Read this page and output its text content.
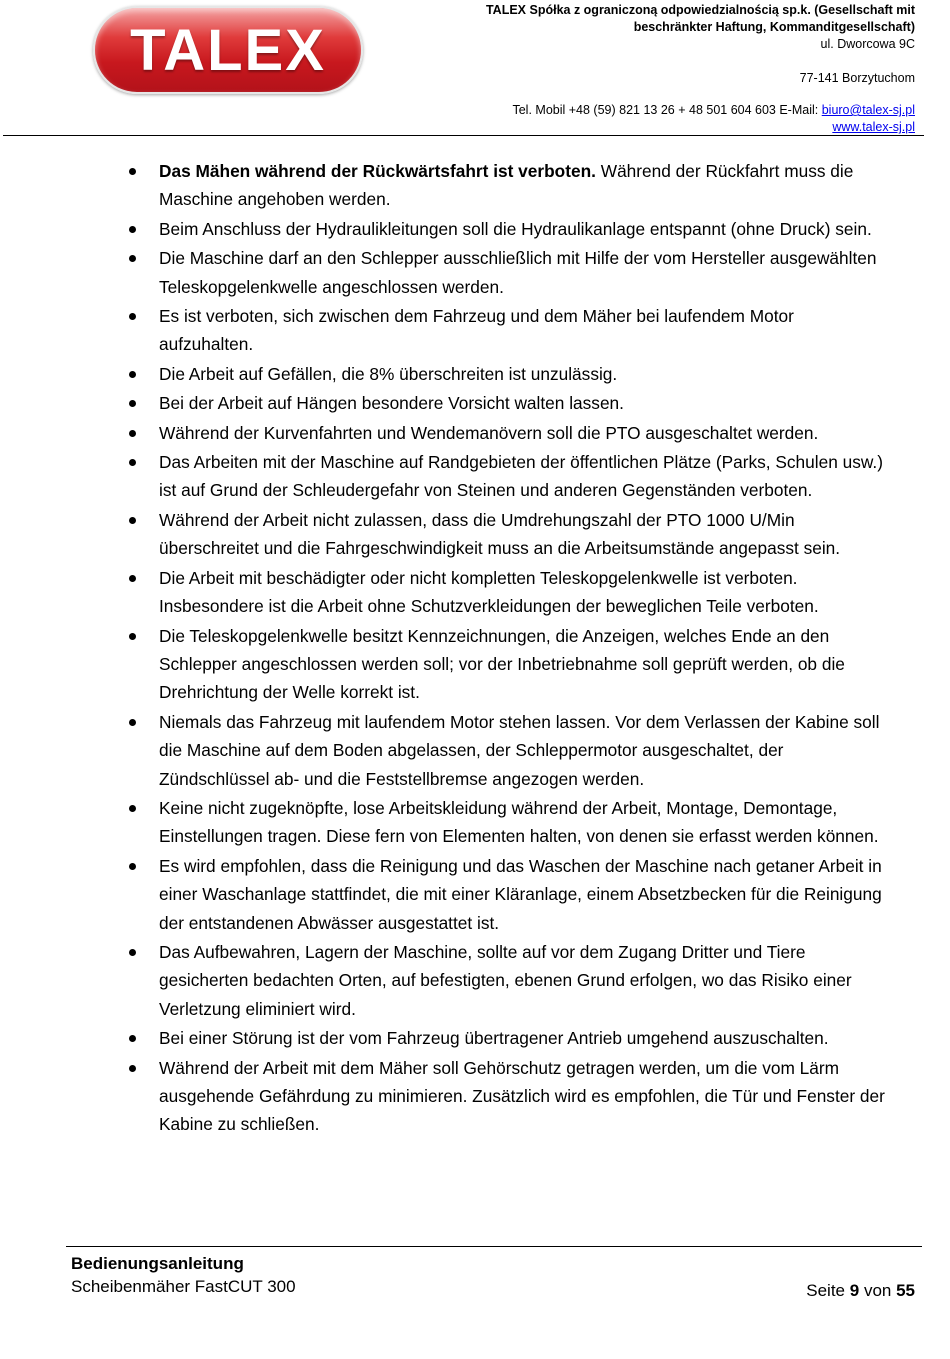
TALEX
TALEX Spółka z ograniczoną odpowiedzialnością sp.k. (Gesellschaft mit
beschränkter Haftung, Kommanditgesellschaft)
ul. Dworcowa 9C
77-141 Borzytuchom
Tel. Mobil +48 (59) 821 13 26 + 48 501 604 603 E-Mail: biuro@talex-sj.pl
www.talex-sj.pl
Das Mähen während der Rückwärtsfahrt ist verboten. Während der Rückfahrt muss die Maschine angehoben werden.
Beim Anschluss der Hydraulikleitungen soll die Hydraulikanlage entspannt (ohne Druck) sein.
Die Maschine darf an den Schlepper ausschließlich mit Hilfe der vom Hersteller ausgewählten Teleskopgelenkwelle angeschlossen werden.
Es ist verboten, sich zwischen dem Fahrzeug und dem Mäher bei laufendem Motor aufzuhalten.
Die Arbeit auf Gefällen, die 8% überschreiten ist unzulässig.
Bei der Arbeit auf Hängen besondere Vorsicht walten lassen.
Während der Kurvenfahrten und Wendemanövern soll die PTO ausgeschaltet werden.
Das Arbeiten mit der Maschine auf Randgebieten der öffentlichen Plätze (Parks, Schulen usw.) ist auf Grund der Schleudergefahr von Steinen und anderen Gegenständen verboten.
Während der Arbeit nicht zulassen, dass die Umdrehungszahl der PTO 1000 U/Min überschreitet und die Fahrgeschwindigkeit muss an die Arbeitsumstände angepasst sein.
Die Arbeit mit beschädigter oder nicht kompletten Teleskopgelenkwelle ist verboten. Insbesondere ist die Arbeit ohne Schutzverkleidungen der beweglichen Teile verboten.
Die Teleskopgelenkwelle besitzt Kennzeichnungen, die Anzeigen, welches Ende an den Schlepper angeschlossen werden soll; vor der Inbetriebnahme soll geprüft werden, ob die Drehrichtung der Welle korrekt ist.
Niemals das Fahrzeug mit laufendem Motor stehen lassen. Vor dem Verlassen der Kabine soll die Maschine auf dem Boden abgelassen, der Schleppermotor ausgeschaltet, der Zündschlüssel ab- und die Feststellbremse angezogen werden.
Keine nicht zugeknöpfte, lose Arbeitskleidung während der Arbeit, Montage, Demontage, Einstellungen tragen. Diese fern von Elementen halten, von denen sie erfasst werden können.
Es wird empfohlen, dass die Reinigung und das Waschen der Maschine nach getaner Arbeit in einer Waschanlage stattfindet, die mit einer Kläranlage, einem Absetzbecken für die Reinigung der entstandenen Abwässer ausgestattet ist.
Das Aufbewahren, Lagern der Maschine, sollte auf vor dem Zugang Dritter und Tiere gesicherten bedachten Orten, auf befestigten, ebenen Grund erfolgen, wo das Risiko einer Verletzung eliminiert wird.
Bei einer Störung ist der vom Fahrzeug übertragener Antrieb umgehend auszuschalten.
Während der Arbeit mit dem Mäher soll Gehörschutz getragen werden, um die vom Lärm ausgehende Gefährdung zu minimieren. Zusätzlich wird es empfohlen, die Tür und Fenster der Kabine zu schließen.
Bedienungsanleitung
Scheibenmäher FastCUT 300	Seite 9 von 55
